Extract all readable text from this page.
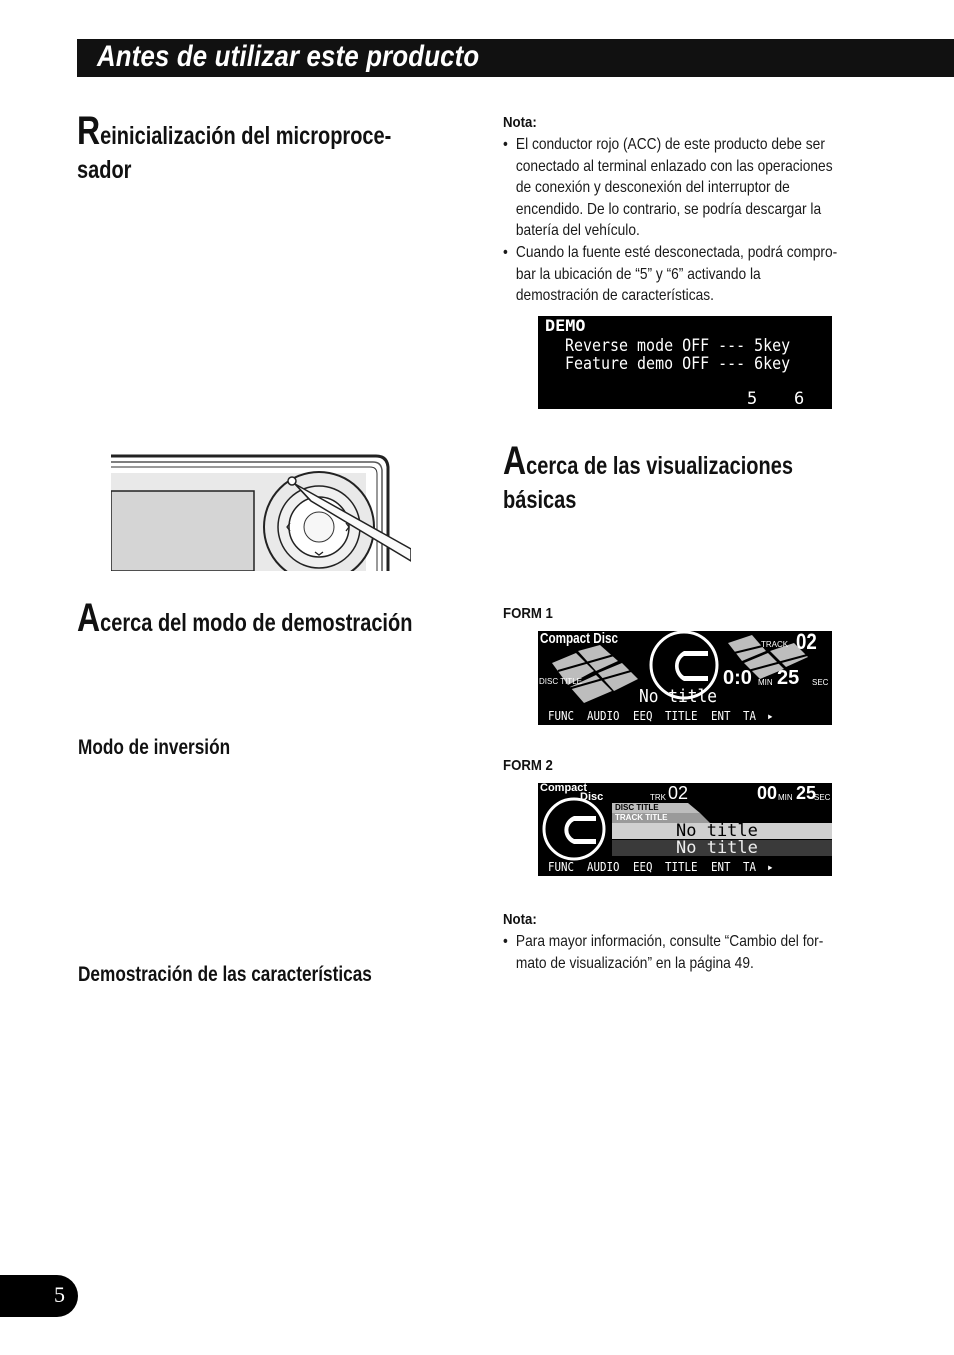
Antes de utilizar este producto
Reinicialización del microproce-
sador
Acerca del modo de demostración
Modo de inversión
Demostración de las características
Nota:
• El conductor rojo (ACC) de este producto debe ser conectado al terminal enlazado con las operaciones de conexión y desconexión del interruptor de encendido. De lo contrario, se podría descargar la batería del vehículo.
• Cuando la fuente esté desconectada, podrá compro-bar la ubicación de “5” y “6” activando la demostración de características.
DEMO
Reverse mode OFF --- 5key
Feature demo OFF --- 6key
5 6
Acerca de las visualizaciones
básicas
FORM 1
Compact Disc	TRACK 02
DISC TITLE
No title
0:0 MIN 25 SEC
FUNC AUDIO EEQ TITLE ENT TA ▸
FORM 2
Compact
Disc	TRK 02	00 MIN 25
SEC
DISC TITLE
TRACK TITLE
No title
No title
FUNC AUDIO EEQ TITLE ENT TA ▸
Nota:
• Para mayor información, consulte “Cambio del for-mato de visualización” en la página 49.
5
